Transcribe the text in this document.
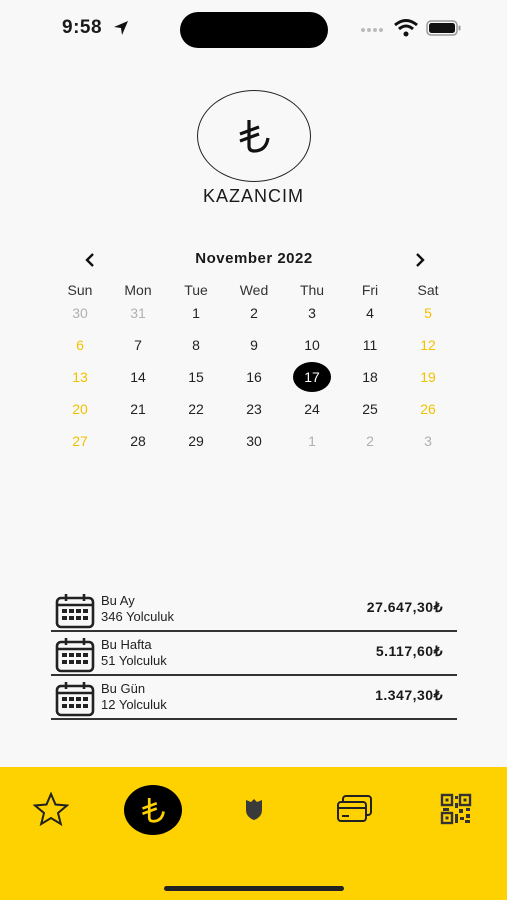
9:58
KAZANCIM
November 2022
Sun	Mon	Tue	Wed	Thu	Fri	Sat
30	31	1	2	3	4	5
6	7	8	9	10	11	12
13	14	15	16	17	18	19
20	21	22	23	24	25	26
27	28	29	30	1	2	3
Bu Ay
346 Yolculuk
27.647,30₺
Bu Hafta
51 Yolculuk
5.117,60₺
Bu Gün
12 Yolculuk
1.347,30₺
